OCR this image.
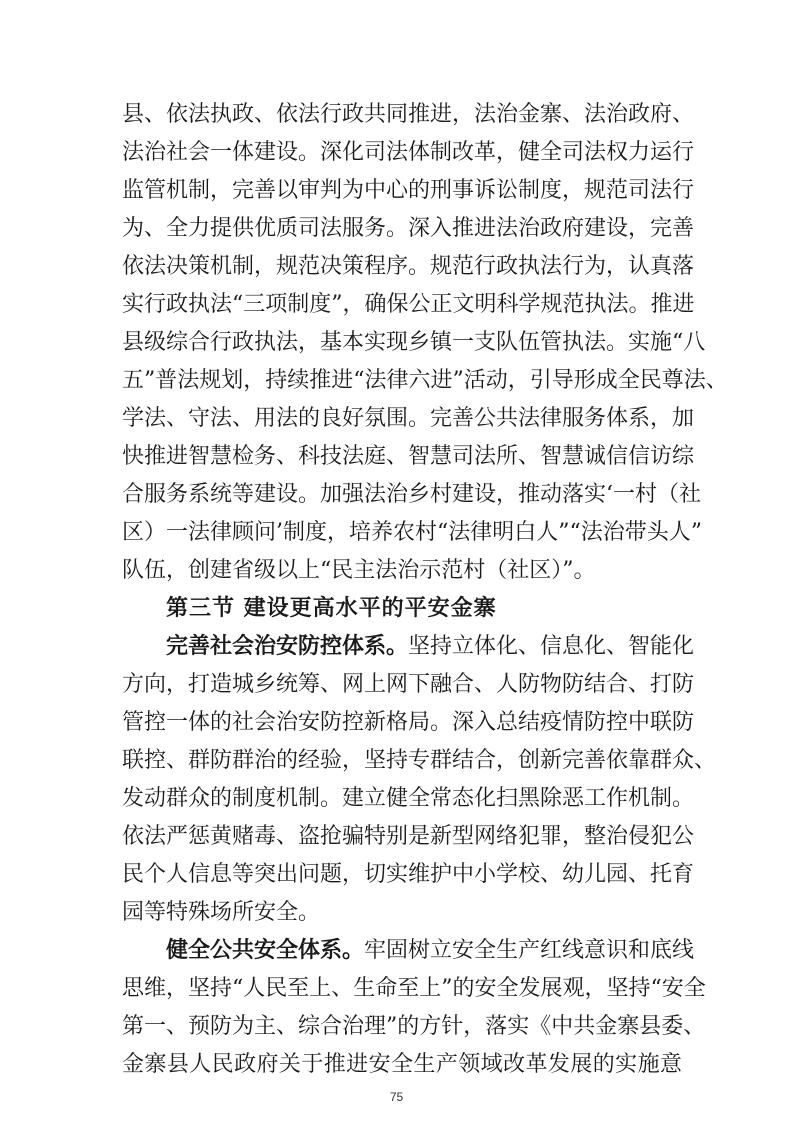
县、依法执政、依法行政共同推进，法治金寨、法治政府、
法治社会一体建设。深化司法体制改革，健全司法权力运行
监管机制，完善以审判为中心的刑事诉讼制度，规范司法行
为、全力提供优质司法服务。深入推进法治政府建设，完善
依法决策机制，规范决策程序。规范行政执法行为，认真落
实行政执法“三项制度”，确保公正文明科学规范执法。推进
县级综合行政执法，基本实现乡镇一支队伍管执法。实施“八
五”普法规划，持续推进“法律六进”活动，引导形成全民尊法、
学法、守法、用法的良好氛围。完善公共法律服务体系，加
快推进智慧检务、科技法庭、智慧司法所、智慧诚信信访综
合服务系统等建设。加强法治乡村建设，推动落实‘一村（社
区）一法律顾问’制度，培养农村“法律明白人”“法治带头人”
队伍，创建省级以上“民主法治示范村（社区）”。
第三节 建设更高水平的平安金寨
完善社会治安防控体系。坚持立体化、信息化、智能化
方向，打造城乡统筹、网上网下融合、人防物防结合、打防
管控一体的社会治安防控新格局。深入总结疫情防控中联防
联控、群防群治的经验，坚持专群结合，创新完善依靠群众、
发动群众的制度机制。建立健全常态化扫黑除恶工作机制。
依法严惩黄赌毒、盗抢骗特别是新型网络犯罪，整治侵犯公
民个人信息等突出问题，切实维护中小学校、幼儿园、托育
园等特殊场所安全。
健全公共安全体系。牢固树立安全生产红线意识和底线
思维，坚持“人民至上、生命至上”的安全发展观，坚持“安全
第一、预防为主、综合治理”的方针，落实《中共金寨县委、
金寨县人民政府关于推进安全生产领域改革发展的实施意
75
